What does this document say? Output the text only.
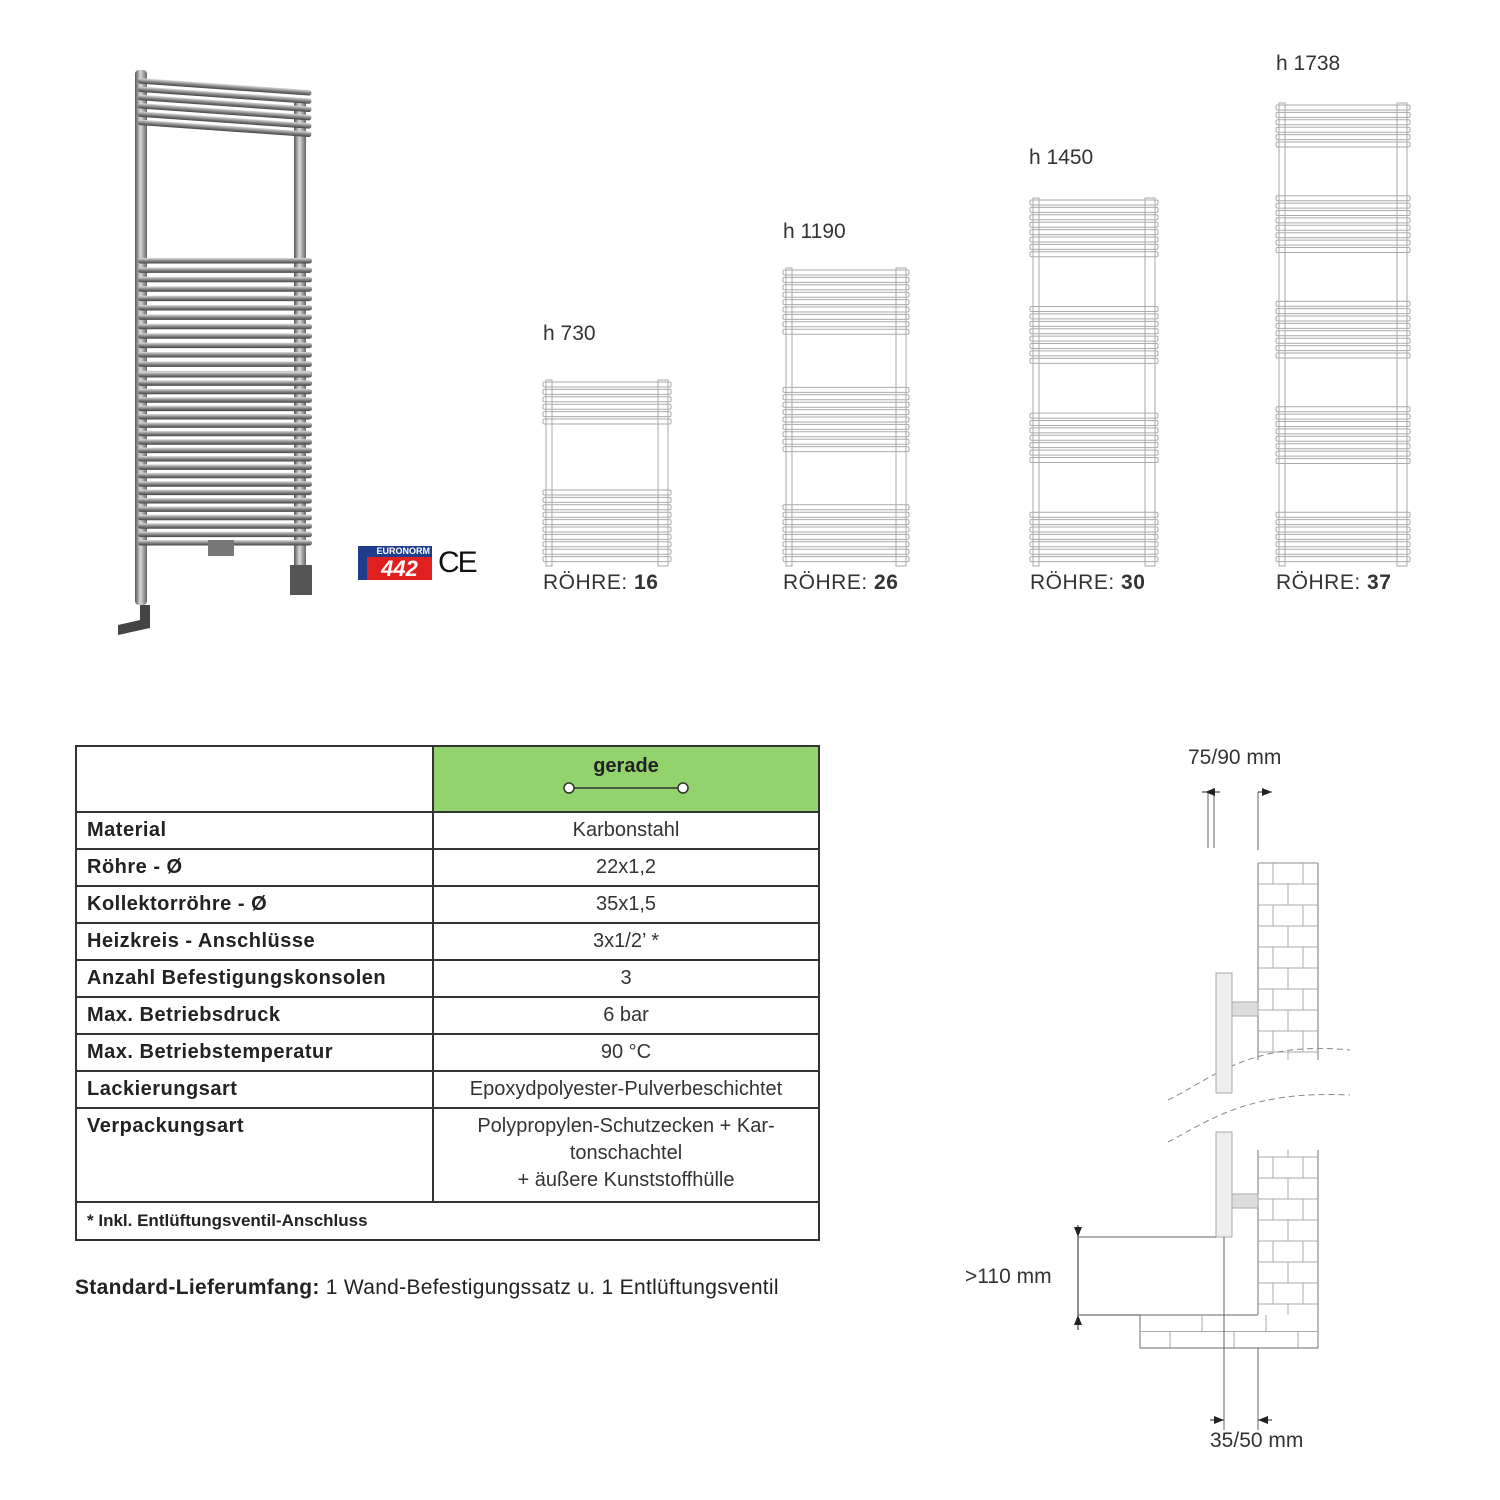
EURONORM
442 CE
h 730
h 1190
h 1450
h 1738
RÖHRE: 16	RÖHRE: 26	RÖHRE: 30	RÖHRE: 37

	gerade

Material	Karbonstahl
Röhre - Ø	22x1,2
Kollektorröhre - Ø	35x1,5
Heizkreis - Anschlüsse	3x1/2’ *
Anzahl Befestigungskonsolen	3
Max. Betriebsdruck	6 bar
Max. Betriebstemperatur	90 °C
Lackierungsart	Epoxydpolyester-Pulverbeschichtet
Verpackungsart	Polypropylen-Schutzecken + Kar-
tonschachtel
+ äußere Kunststoffhülle

* Inkl. Entlüftungsventil-Anschluss	
Standard-Lieferumfang: 1 Wand-Befestigungssatz u. 1 Entlüftungsventil
75/90 mm
>110 mm
35/50 mm
